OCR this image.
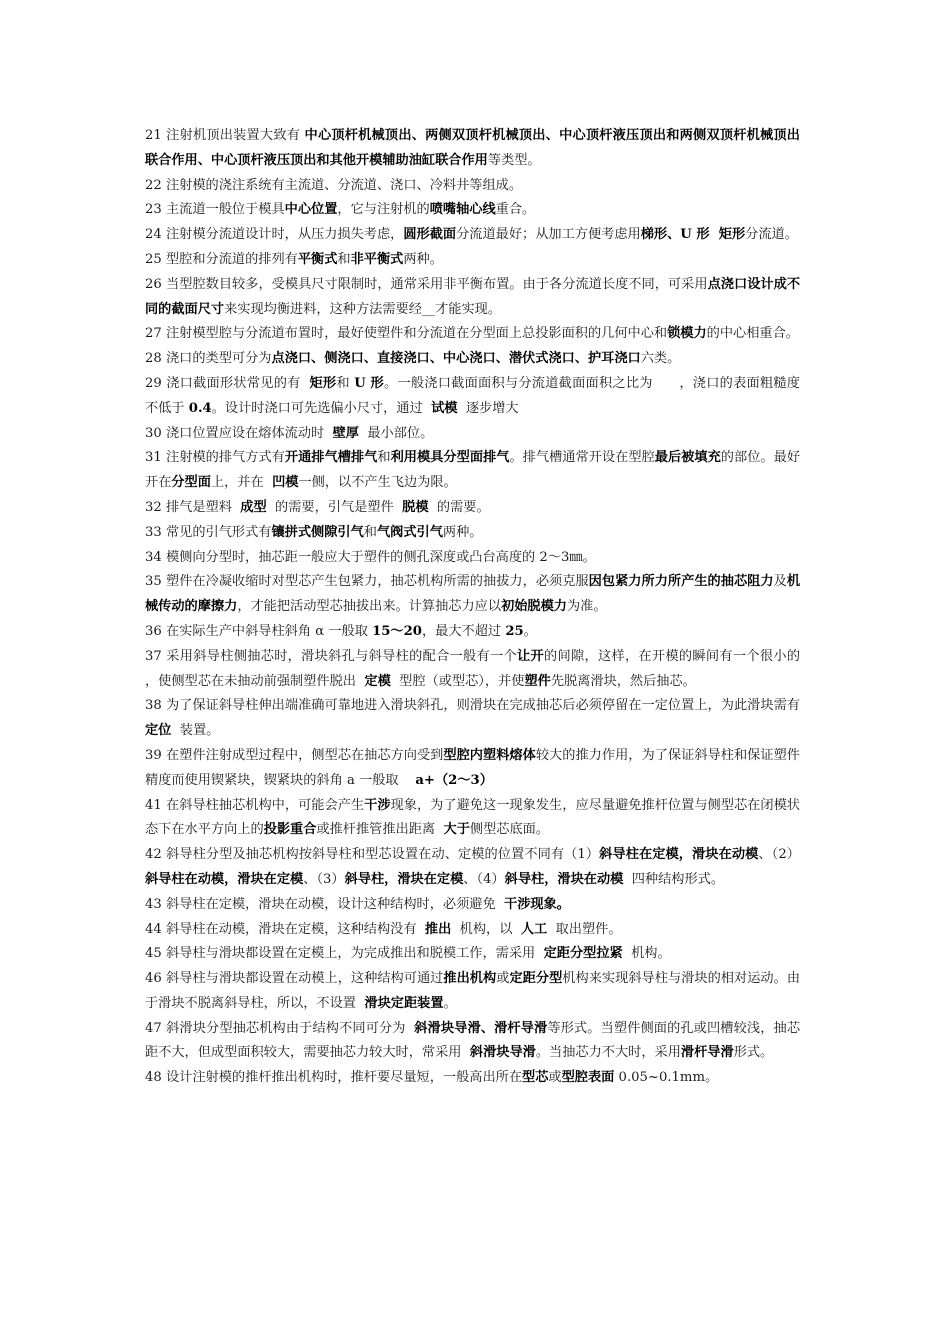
21 注射机顶出装置大致有 中心顶杆机械顶出、两侧双顶杆机械顶出、中心顶杆液压顶出和两侧双顶杆机械顶出联合作用、中心顶杆液压顶出和其他开模辅助油缸联合作用等类型。

22 注射模的浇注系统有主流道、分流道、浇口、冷料井等组成。

23 主流道一般位于模具中心位置，它与注射机的喷嘴轴心线重合。

24 注射模分流道设计时，从压力损失考虑，圆形截面分流道最好；从加工方便考虑用梯形、U 形  矩形分流道。

25 型腔和分流道的排列有平衡式和非平衡式两种。

26 当型腔数目较多，受模具尺寸限制时，通常采用非平衡布置。由于各分流道长度不同，可采用点浇口设计成不同的截面尺寸来实现均衡进料，这种方法需要经__才能实现。

27 注射模型腔与分流道布置时，最好使塑件和分流道在分型面上总投影面积的几何中心和锁模力的中心相重合。

28 浇口的类型可分为点浇口、侧浇口、直接浇口、中心浇口、潜伏式浇口、护耳浇口六类。

29 浇口截面形状常见的有  矩形和 U 形。一般浇口截面面积与分流道截面面积之比为      ，浇口的表面粗糙度不低于 0.4。设计时浇口可先选偏小尺寸，通过  试模  逐步增大

30 浇口位置应设在熔体流动时  壁厚  最小部位。

31 注射模的排气方式有开通排气槽排气和利用模具分型面排气。排气槽通常开设在型腔最后被填充的部位。最好开在分型面上，并在  凹模一侧，以不产生飞边为限。

32 排气是塑料  成型  的需要，引气是塑件  脱模  的需要。

33 常见的引气形式有镶拼式侧隙引气和气阀式引气两种。

34 模侧向分型时，抽芯距一般应大于塑件的侧孔深度或凸台高度的 2～3㎜。

35 塑件在冷凝收缩时对型芯产生包紧力，抽芯机构所需的抽拔力，必须克服因包紧力所力所产生的抽芯阻力及机械传动的摩擦力，才能把活动型芯抽拔出来。计算抽芯力应以初始脱模力为准。

36 在实际生产中斜导柱斜角 α 一般取 15～20，最大不超过 25。

37 采用斜导柱侧抽芯时，滑块斜孔与斜导柱的配合一般有一个让开的间隙，这样，在开模的瞬间有一个很小的          ，使侧型芯在未抽动前强制塑件脱出  定模  型腔（或型芯），并使塑件先脱离滑块，然后抽芯。

38 为了保证斜导柱伸出端准确可靠地进入滑块斜孔，则滑块在完成抽芯后必须停留在一定位置上，为此滑块需有  定位  装置。

39 在塑件注射成型过程中，侧型芯在抽芯方向受到型腔内塑料熔体较大的推力作用，为了保证斜导柱和保证塑件精度而使用锲紧块，锲紧块的斜角 a 一般取    a+（2～3）

41 在斜导柱抽芯机构中，可能会产生干涉现象，为了避免这一现象发生，应尽量避免推杆位置与侧型芯在闭模状态下在水平方向上的投影重合或推杆推管推出距离  大于侧型芯底面。

42 斜导柱分型及抽芯机构按斜导柱和型芯设置在动、定模的位置不同有（1）斜导柱在定模，滑块在动模、（2）斜导柱在动模，滑块在定模、（3）斜导柱，滑块在定模、（4）斜导柱，滑块在动模  四种结构形式。

43 斜导柱在定模，滑块在动模，设计这种结构时，必须避免  干涉现象。

44 斜导柱在动模，滑块在定模，这种结构没有  推出  机构，以  人工  取出塑件。

45 斜导柱与滑块都设置在定模上，为完成推出和脱模工作，需采用  定距分型拉紧  机构。

46 斜导柱与滑块都设置在动模上，这种结构可通过推出机构或定距分型机构来实现斜导柱与滑块的相对运动。由于滑块不脱离斜导柱，所以，不设置  滑块定距装置。

47 斜滑块分型抽芯机构由于结构不同可分为  斜滑块导滑、滑杆导滑等形式。当塑件侧面的孔或凹槽较浅，抽芯距不大，但成型面积较大，需要抽芯力较大时，常采用  斜滑块导滑。当抽芯力不大时，采用滑杆导滑形式。

48 设计注射模的推杆推出机构时，推杆要尽量短，一般高出所在型芯或型腔表面 0.05~0.1mm。
